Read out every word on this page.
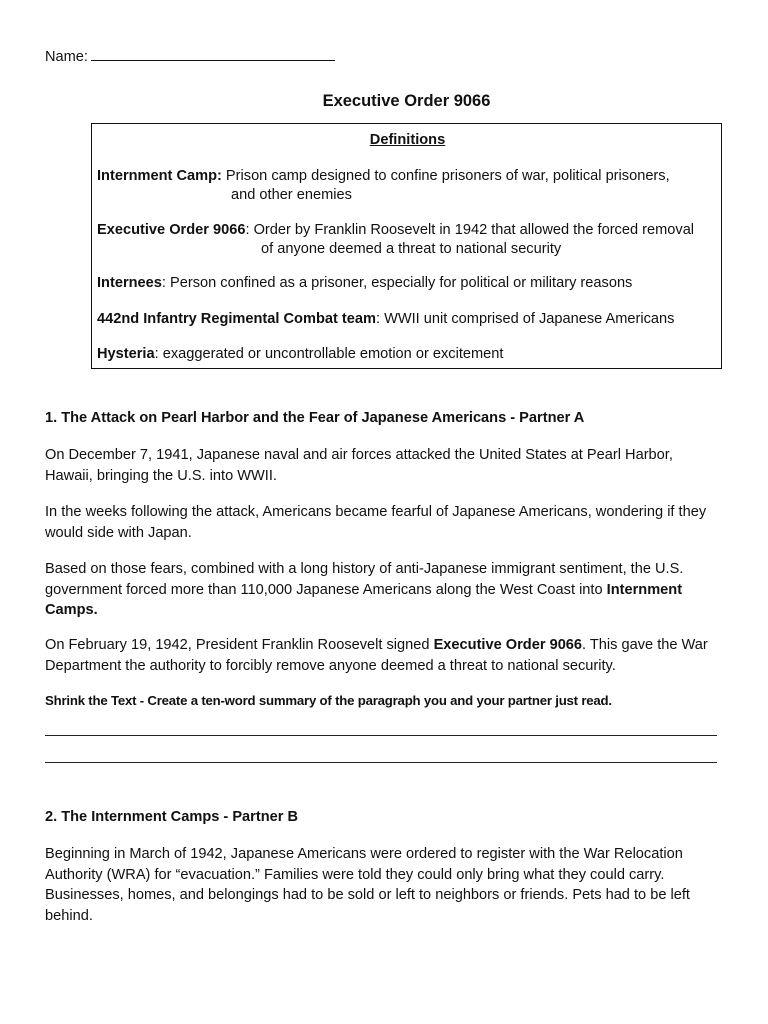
Name:
Executive Order 9066
Definitions
Internment Camp: Prison camp designed to confine prisoners of war, political prisoners,
and other enemies
Executive Order 9066: Order by Franklin Roosevelt in 1942 that allowed the forced removal
of anyone deemed a threat to national security
Internees: Person confined as a prisoner, especially for political or military reasons
442nd Infantry Regimental Combat team: WWII unit comprised of Japanese Americans
Hysteria: exaggerated or uncontrollable emotion or excitement
1. The Attack on Pearl Harbor and the Fear of Japanese Americans - Partner A

On December 7, 1941, Japanese naval and air forces attacked the United States at Pearl Harbor, Hawaii, bringing the U.S. into WWII.

In the weeks following the attack, Americans became fearful of Japanese Americans, wondering if they would side with Japan.

Based on those fears, combined with a long history of anti-Japanese immigrant sentiment, the U.S. government forced more than 110,000 Japanese Americans along the West Coast into Internment Camps.

On February 19, 1942, President Franklin Roosevelt signed Executive Order 9066. This gave the War Department the authority to forcibly remove anyone deemed a threat to national security.

Shrink the Text - Create a ten-word summary of the paragraph you and your partner just read.
2. The Internment Camps - Partner B

Beginning in March of 1942, Japanese Americans were ordered to register with the War Relocation Authority (WRA) for “evacuation.” Families were told they could only bring what they could carry. Businesses, homes, and belongings had to be sold or left to neighbors or friends. Pets had to be left behind.
